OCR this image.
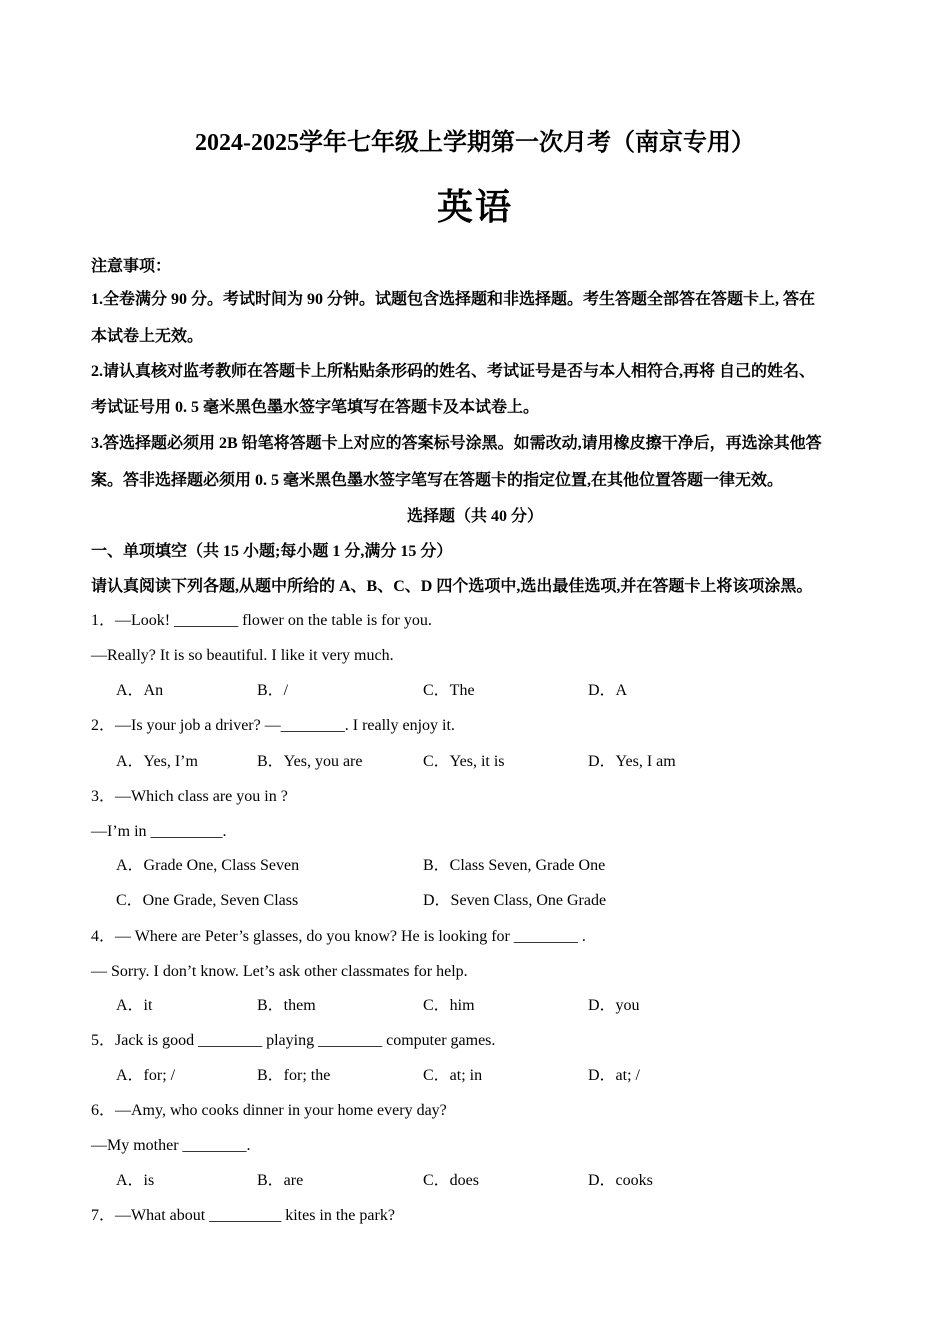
2024-2025学年七年级上学期第一次月考（南京专用）
英语
注意事项：
1.全卷满分 90 分。考试时间为 90 分钟。试题包含选择题和非选择题。考生答题全部答在答题卡上, 答在
本试卷上无效。
2.请认真核对监考教师在答题卡上所粘贴条形码的姓名、考试证号是否与本人相符合,再将 自己的姓名、
考试证号用 0. 5 毫米黑色墨水签字笔填写在答题卡及本试卷上。
3.答选择题必须用 2B 铅笔将答题卡上对应的答案标号涂黑。如需改动,请用橡皮擦干净后，再选涂其他答
案。答非选择题必须用 0. 5 毫米黑色墨水签字笔写在答题卡的指定位置,在其他位置答题一律无效。
选择题（共 40 分）
一、单项填空（共 15 小题;每小题 1 分,满分 15 分）
请认真阅读下列各题,从题中所给的 A、B、C、D 四个选项中,选出最佳选项,并在答题卡上将该项涂黑。
1．—Look! ________ flower on the table is for you.
—Really? It is so beautiful. I like it very much.
A．An	B．/	C．The	D．A
2．—Is your job a driver? —________. I really enjoy it.
A．Yes, I’m	B．Yes, you are	C．Yes, it is	D．Yes, I am
3．—Which class are you in ?
—I’m in _________.
A．Grade One, Class Seven	B．Class Seven, Grade One
C．One Grade, Seven Class	D．Seven Class, One Grade
4．— Where are Peter’s glasses, do you know? He is looking for ________ .
— Sorry. I don’t know. Let’s ask other classmates for help.
A．it	B．them	C．him	D．you
5．Jack is good ________ playing ________ computer games.
A．for; /	B．for; the	C．at; in	D．at; /
6．—Amy, who cooks dinner in your home every day?
—My mother ________.
A．is	B．are	C．does	D．cooks
7．—What about _________ kites in the park?
